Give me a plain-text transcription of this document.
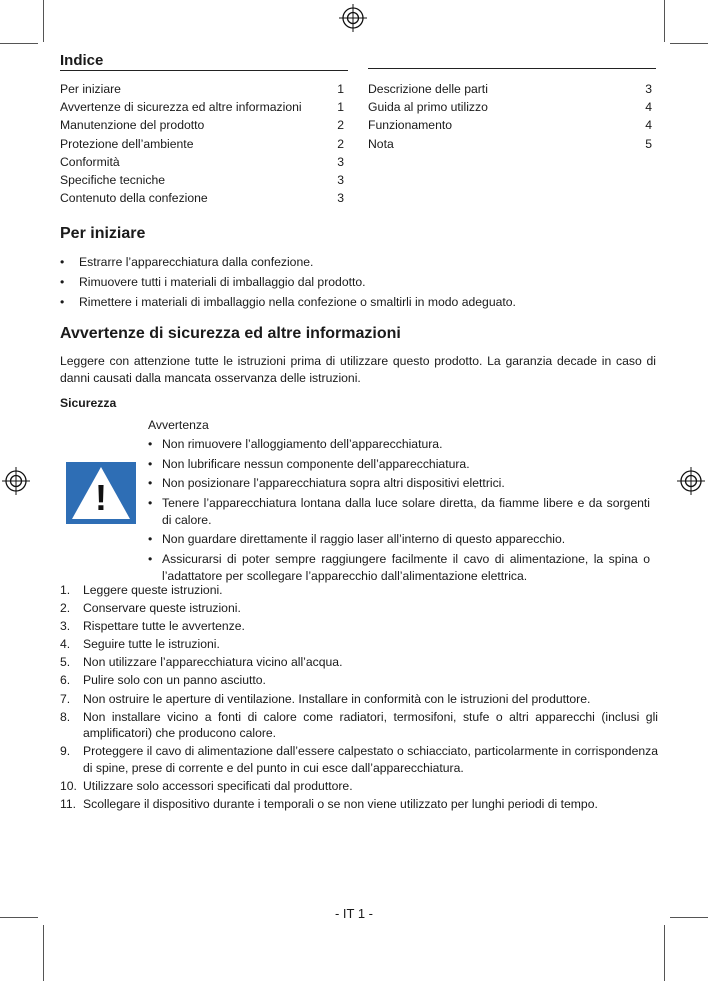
Indice
Per iniziare	1
Avvertenze di sicurezza ed altre informazioni	1
Manutenzione del prodotto	2
Protezione dell’ambiente	2
Conformità	3
Specifiche tecniche	3
Contenuto della confezione	3
Descrizione delle parti	3
Guida al primo utilizzo	4
Funzionamento	4
Nota	5
Per iniziare
• Estrarre l’apparecchiatura dalla confezione.
• Rimuovere tutti i materiali di imballaggio dal prodotto.
• Rimettere i materiali di imballaggio nella confezione o smaltirli in modo adeguato.
Avvertenze di sicurezza ed altre informazioni
Leggere con attenzione tutte le istruzioni prima di utilizzare questo prodotto. La garanzia decade in caso di danni causati dalla mancata osservanza delle istruzioni.
Sicurezza
!
Avvertenza
• Non rimuovere l’alloggiamento dell’apparecchiatura.
• Non lubrificare nessun componente dell’apparecchiatura.
• Non posizionare l’apparecchiatura sopra altri dispositivi elettrici.
• Tenere l’apparecchiatura lontana dalla luce solare diretta, da fiamme libere e da sorgenti di calore.
• Non guardare direttamente il raggio laser all’interno di questo apparecchio.
• Assicurarsi di poter sempre raggiungere facilmente il cavo di alimentazione, la spina o l’adattatore per scollegare l’apparecchio dall’alimentazione elettrica.
1. Leggere queste istruzioni.
2. Conservare queste istruzioni.
3. Rispettare tutte le avvertenze.
4. Seguire tutte le istruzioni.
5. Non utilizzare l’apparecchiatura vicino all’acqua.
6. Pulire solo con un panno asciutto.
7. Non ostruire le aperture di ventilazione. Installare in conformità con le istruzioni del produttore.
8. Non installare vicino a fonti di calore come radiatori, termosifoni, stufe o altri apparecchi (inclusi gli amplificatori) che producono calore.
9. Proteggere il cavo di alimentazione dall’essere calpestato o schiacciato, particolarmente in corrispondenza di spine, prese di corrente e del punto in cui esce dall’apparecchiatura.
10. Utilizzare solo accessori specificati dal produttore.
11. Scollegare il dispositivo durante i temporali o se non viene utilizzato per lunghi periodi di tempo.
- IT 1 -
